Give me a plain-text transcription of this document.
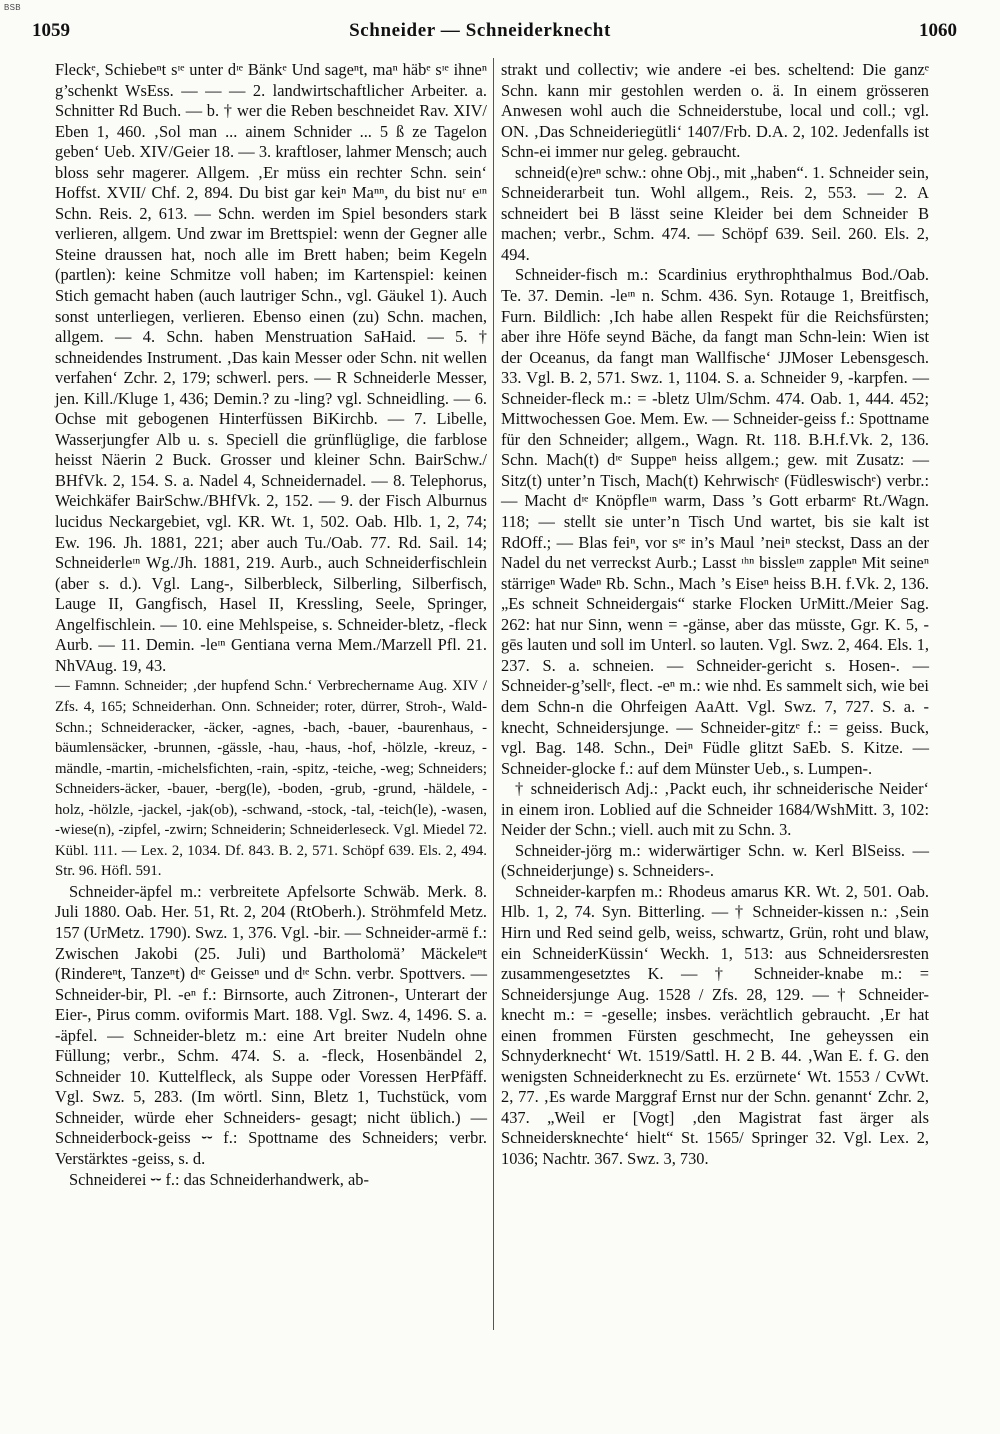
BSB
1059	Schneider — Schneiderknecht	1060

Fleckᵉ, Schiebeⁿt sᶦᵉ unter dᶦᵉ Bänkᵉ Und sageⁿt, maⁿ häbᵉ sᶦᵉ ihneⁿ g’schenkt WsEss. — — — 2. landwirtschaftlicher Arbeiter. a. Schnitter Rd Buch. — b. † wer die Reben beschneidet Rav. XIV/ Eben 1, 460. ‚Sol man ... ainem Schnider ... 5 ß ze Tagelon geben‘ Ueb. XIV/Geier 18. — 3. kraftloser, lahmer Mensch; auch bloss sehr magerer. Allgem. ‚Er müss ein rechter Schn. sein‘ Hoffst. XVII/ Chf. 2, 894. Du bist gar keiⁿ Maⁿⁿ, du bist nuʳ eᶦⁿ Schn. Reis. 2, 613. — Schn. werden im Spiel besonders stark verlieren, allgem. Und zwar im Brettspiel: wenn der Gegner alle Steine draussen hat, noch alle im Brett haben; beim Kegeln (partlen): keine Schmitze voll haben; im Kartenspiel: keinen Stich gemacht haben (auch lautriger Schn., vgl. Gäukel 1). Auch sonst unterliegen, verlieren. Ebenso einen (zu) Schn. machen, allgem. — 4. Schn. haben Menstruation SaHaid. — 5. † schneidendes Instrument. ‚Das kain Messer oder Schn. nit wellen verfahen‘ Zchr. 2, 179; schwerl. pers. — R Schneiderle Messer, jen. Kill./Kluge 1, 436; Demin.? zu -ling? vgl. Schneidling. — 6. Ochse mit gebogenen Hinterfüssen BiKirchb. — 7. Libelle, Wasserjungfer Alb u. s. Speciell die grünflüglige, die farblose heisst Näerin 2 Buck. Grosser und kleiner Schn. BairSchw./ BHfVk. 2, 154. S. a. Nadel 4, Schneidernadel. — 8. Telephorus, Weichkäfer BairSchw./BHfVk. 2, 152. — 9. der Fisch Alburnus lucidus Neckargebiet, vgl. KR. Wt. 1, 502. Oab. Hlb. 1, 2, 74; Ew. 196. Jh. 1881, 221; aber auch Tu./Oab. 77. Rd. Sail. 14; Schneiderleᶦⁿ Wg./Jh. 1881, 219. Aurb., auch Schneiderfischlein (aber s. d.). Vgl. Lang-, Silberbleck, Silberling, Silberfisch, Lauge II, Gangfisch, Hasel II, Kressling, Seele, Springer, Angelfischlein. — 10. eine Mehlspeise, s. Schneider-bletz, -fleck Aurb. — 11. Demin. -leᶦⁿ Gentiana verna Mem./Marzell Pfl. 21. NhVAug. 19, 43.

— Famnn. Schneider; ‚der hupfend Schn.‘ Verbrechername Aug. XIV / Zfs. 4, 165; Schneiderhan. Onn. Schneider; roter, dürrer, Stroh-, Wald-Schn.; Schneideracker, -äcker, -agnes, -bach, -bauer, -baurenhaus, -bäumlensäcker, -brunnen, -gässle, -hau, -haus, -hof, -hölzle, -kreuz, -mändle, -martin, -michelsfichten, -rain, -spitz, -teiche, -weg; Schneiders; Schneiders-äcker, -bauer, -berg(le), -boden, -grub, -grund, -häldele, -holz, -hölzle, -jackel, -jak(ob), -schwand, -stock, -tal, -teich(le), -wasen, -wiese(n), -zipfel, -zwirn; Schneiderin; Schneiderleseck. Vgl. Miedel 72. Kübl. 111. — Lex. 2, 1034. Df. 843. B. 2, 571. Schöpf 639. Els. 2, 494. Str. 96. Höfl. 591.

Schneider-äpfel m.: verbreitete Apfelsorte Schwäb. Merk. 8. Juli 1880. Oab. Her. 51, Rt. 2, 204 (RtOberh.). Ströhmfeld Metz. 157 (UrMetz. 1790). Swz. 1, 376. Vgl. -bir. — Schneider-armë f.: Zwischen Jakobi (25. Juli) und Bartholomä’ Mäckeleⁿt (Rindereⁿt, Tanzeⁿt) dᶦᵉ Geisseⁿ und dᶦᵉ Schn. verbr. Spottvers. — Schneider-bir, Pl. -eⁿ f.: Birnsorte, auch Zitronen-, Unterart der Eier-, Pirus comm. oviformis Mart. 188. Vgl. Swz. 4, 1496. S. a. -äpfel. — Schneider-bletz m.: eine Art breiter Nudeln ohne Füllung; verbr., Schm. 474. S. a. -fleck, Hosenbändel 2, Schneider 10. Kuttelfleck, als Suppe oder Voressen HerPfäff. Vgl. Swz. 5, 283. (Im wörtl. Sinn, Bletz 1, Tuchstück, vom Schneider, würde eher Schneiders- gesagt; nicht üblich.) — Schneiderbock-geiss ⏑⏑ f.: Spottname des Schneiders; verbr. Verstärktes -geiss, s. d.

Schneiderei ⏑⏑ f.: das Schneiderhandwerk, ab-

strakt und collectiv; wie andere -ei bes. scheltend: Die ganzᵉ Schn. kann mir gestohlen werden o. ä. In einem grösseren Anwesen wohl auch die Schneiderstube, local und coll.; vgl. ON. ‚Das Schneideriegütli‘ 1407/Frb. D.A. 2, 102. Jedenfalls ist Schn-ei immer nur geleg. gebraucht.

schneid(e)reⁿ schw.: ohne Obj., mit „haben“. 1. Schneider sein, Schneiderarbeit tun. Wohl allgem., Reis. 2, 553. — 2. A schneidert bei B lässt seine Kleider bei dem Schneider B machen; verbr., Schm. 474. — Schöpf 639. Seil. 260. Els. 2, 494.

Schneider-fisch m.: Scardinius erythrophthalmus Bod./Oab. Te. 37. Demin. -leᶦⁿ n. Schm. 436. Syn. Rotauge 1, Breitfisch, Furn. Bildlich: ‚Ich habe allen Respekt für die Reichsfürsten; aber ihre Höfe seynd Bäche, da fangt man Schn-lein: Wien ist der Oceanus, da fangt man Wallfische‘ JJMoser Lebensgesch. 33. Vgl. B. 2, 571. Swz. 1, 1104. S. a. Schneider 9, -karpfen. — Schneider-fleck m.: = -bletz Ulm/Schm. 474. Oab. 1, 444. 452; Mittwochessen Goe. Mem. Ew. — Schneider-geiss f.: Spottname für den Schneider; allgem., Wagn. Rt. 118. B.H.f.Vk. 2, 136. Schn. Mach(t) dᶦᵉ Suppeⁿ heiss allgem.; gew. mit Zusatz: — Sitz(t) unter’n Tisch, Mach(t) Kehrwischᵉ (Füdleswischᵉ) verbr.: — Macht dᶦᵉ Knöpfleᶦⁿ warm, Dass ’s Gott erbarmᵉ Rt./Wagn. 118; — stellt sie unter’n Tisch Und wartet, bis sie kalt ist RdOff.; — Blas feiⁿ, vor sᶦᵉ in’s Maul ’neiⁿ steckst, Dass an der Nadel du net verreckst Aurb.; Lasst ᶦʰⁿ bissleᶦⁿ zappleⁿ Mit seineⁿ stärrigeⁿ Wadeⁿ Rb. Schn., Mach ’s Eiseⁿ heiss B.H. f.Vk. 2, 136. „Es schneit Schneidergais“ starke Flocken UrMitt./Meier Sag. 262: hat nur Sinn, wenn = -gänse, aber das müsste, Ggr. K. 5, -gēs lauten und soll im Unterl. so lauten. Vgl. Swz. 2, 464. Els. 1, 237. S. a. schneien. — Schneider-gericht s. Hosen-. — Schneider-g’sellᵉ, flect. -eⁿ m.: wie nhd. Es sammelt sich, wie bei dem Schn-n die Ohrfeigen AaAtt. Vgl. Swz. 7, 727. S. a. -knecht, Schneidersjunge. — Schneider-gitzᵉ f.: = geiss. Buck, vgl. Bag. 148. Schn., Deiⁿ Füdle glitzt SaEb. S. Kitze. — Schneider-glocke f.: auf dem Münster Ueb., s. Lumpen-.

† schneiderisch Adj.: ‚Packt euch, ihr schneiderische Neider‘ in einem iron. Loblied auf die Schneider 1684/WshMitt. 3, 102: Neider der Schn.; viell. auch mit zu Schn. 3.

Schneider-jörg m.: widerwärtiger Schn. w. Kerl BlSeiss. — (Schneiderjunge) s. Schneiders-.

Schneider-karpfen m.: Rhodeus amarus KR. Wt. 2, 501. Oab. Hlb. 1, 2, 74. Syn. Bitterling. — † Schneider-kissen n.: ‚Sein Hirn und Red seind gelb, weiss, schwartz, Grün, roht und blaw, ein SchneiderKüssin‘ Weckh. 1, 513: aus Schneidersresten zusammengesetztes K. — † Schneider-knabe m.: = Schneidersjunge Aug. 1528 / Zfs. 28, 129. — † Schneider-knecht m.: = -geselle; insbes. verächtlich gebraucht. ‚Er hat einen frommen Fürsten geschmecht, Ine geheyssen ein Schnyderknecht‘ Wt. 1519/Sattl. H. 2 B. 44. ‚Wan E. f. G. den wenigsten Schneiderknecht zu Es. erzürnete‘ Wt. 1553 / CvWt. 2, 77. ‚Es warde Marggraf Ernst nur der Schn. genannt‘ Zchr. 2, 437. „Weil er [Vogt] ‚den Magistrat fast ärger als Schneidersknechte‘ hielt“ St. 1565/ Springer 32. Vgl. Lex. 2, 1036; Nachtr. 367. Swz. 3, 730.
